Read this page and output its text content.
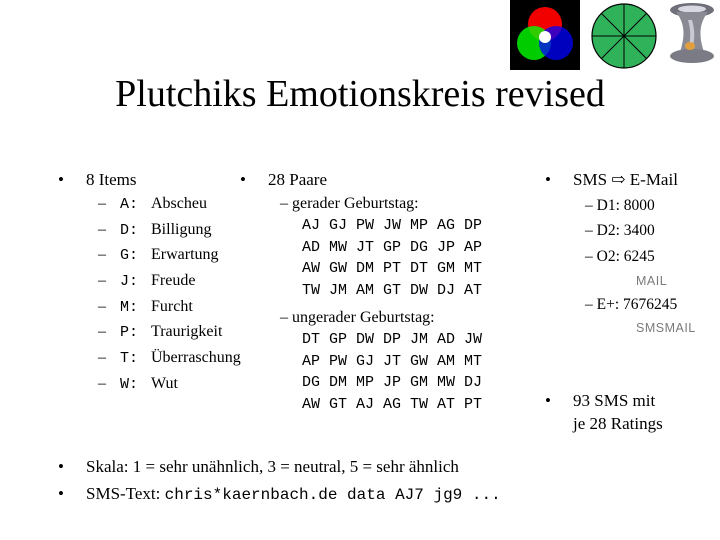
Plutchiks Emotionskreis revised
• 8 Items
– A: Abscheu
– D: Billigung
– G: Erwartung
– J: Freude
– M: Furcht
– P: Traurigkeit
– T: Überraschung
– W: Wut
• 28 Paare
– gerader Geburtstag:
AJ GJ PW JW MP AG DP
AD MW JT GP DG JP AP
AW GW DM PT DT GM MT
TW JM AM GT DW DJ AT
– ungerader Geburtstag:
DT GP DW DP JM AD JW
AP PW GJ JT GW AM MT
DG DM MP JP GM MW DJ
AW GT AJ AG TW AT PT
• SMS ⇨ E-Mail
– D1: 8000
– D2: 3400
– O2: 6245
MAIL
– E+: 7676245
SMSMAIL
• 93 SMS mit
je 28 Ratings
• Skala: 1 = sehr unähnlich, 3 = neutral, 5 = sehr ähnlich
• SMS-Text: chris*kaernbach.de data AJ7 jg9 ...
